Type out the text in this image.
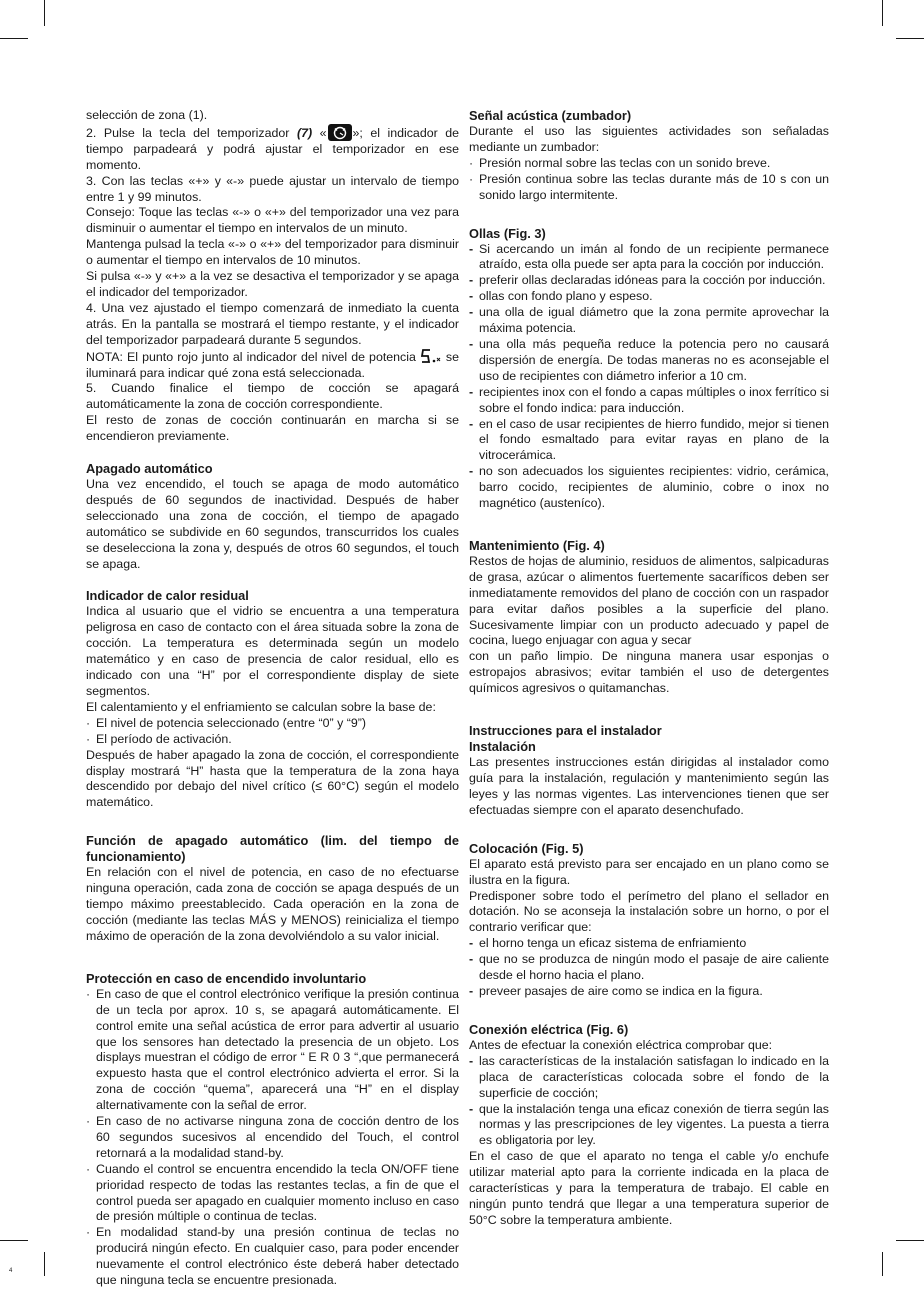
selección de zona (1).

2. Pulse la tecla del temporizador (7) « »; el indicador de tiempo parpadeará y podrá ajustar el temporizador en ese momento.

3. Con las teclas «+» y «-» puede ajustar un intervalo de tiempo entre 1 y 99 minutos.

Consejo: Toque las teclas «-» o «+» del temporizador una vez para disminuir o aumentar el tiempo en intervalos de un minuto.

Mantenga pulsad la tecla «-» o «+» del temporizador para disminuir o aumentar el tiempo en intervalos de 10 minutos.

Si pulsa «-» y «+» a la vez se desactiva el temporizador y se apaga el indicador del temporizador.

4. Una vez ajustado el tiempo comenzará de inmediato la cuenta atrás. En la pantalla se mostrará el tiempo restante, y el indicador del temporizador parpadeará durante 5 segundos.

NOTA: El punto rojo junto al indicador del nivel de potencia se iluminará para indicar qué zona está seleccionada.

5. Cuando finalice el tiempo de cocción se apagará automáticamente la zona de cocción correspondiente.

El resto de zonas de cocción continuarán en marcha si se encendieron previamente.

Apagado automático

Una vez encendido, el touch se apaga de modo automático después de 60 segundos de inactividad. Después de haber seleccionado una zona de cocción, el tiempo de apagado automático se subdivide en 60 segundos, transcurridos los cuales se deselecciona la zona y, después de otros 60 segundos, el touch se apaga.

Indicador de calor residual

Indica al usuario que el vidrio se encuentra a una temperatura peligrosa en caso de contacto con el área situada sobre la zona de cocción. La temperatura es determinada según un modelo matemático y en caso de presencia de calor residual, ello es indicado con una “H” por el correspondiente display de siete segmentos.

El calentamiento y el enfriamiento se calculan sobre la base de:

· El nivel de potencia seleccionado (entre “0” y “9”)
· El período de activación.

Después de haber apagado la zona de cocción, el correspondiente display mostrará “H” hasta que la temperatura de la zona haya descendido por debajo del nivel crítico (≤ 60°C) según el modelo matemático.

Función de apagado automático (lim. del tiempo de funcionamiento)

En relación con el nivel de potencia, en caso de no efectuarse ninguna operación, cada zona de cocción se apaga después de un tiempo máximo preestablecido. Cada operación en la zona de cocción (mediante las teclas MÁS y MENOS) reinicializa el tiempo máximo de operación de la zona devolviéndolo a su valor inicial.

Protección en caso de encendido involuntario
· En caso de que el control electrónico verifique la presión continua de un tecla por aprox. 10 s, se apagará automáticamente. El control emite una señal acústica de error para advertir al usuario que los sensores han detectado la presencia de un objeto. Los displays muestran el código de error “ E R 0 3 “,que permanecerá expuesto hasta que el control electrónico advierta el error. Si la zona de cocción “quema”, aparecerá una “H” en el display alternativamente con la señal de error.
· En caso de no activarse ninguna zona de cocción dentro de los 60 segundos sucesivos al encendido del Touch, el control retornará a la modalidad stand-by.
· Cuando el control se encuentra encendido la tecla ON/OFF tiene prioridad respecto de todas las restantes teclas, a fin de que el control pueda ser apagado en cualquier momento incluso en caso de presión múltiple o continua de teclas.
· En modalidad stand-by una presión continua de teclas no producirá ningún efecto. En cualquier caso, para poder encender nuevamente el control electrónico éste deberá haber detectado que ninguna tecla se encuentre presionada.
Señal acústica (zumbador)

Durante el uso las siguientes actividades son señaladas mediante un zumbador:

· Presión normal sobre las teclas con un sonido breve.
· Presión continua sobre las teclas durante más de 10 s con un sonido largo intermitente.
Ollas (Fig. 3)
- Si acercando un imán al fondo de un recipiente permanece atraído, esta olla puede ser apta para la cocción por inducción.
- preferir ollas declaradas idóneas para la cocción por inducción.
- ollas con fondo plano y espeso.
- una olla de igual diámetro que la zona permite aprovechar la máxima potencia.
- una olla más pequeña reduce la potencia pero no causará dispersión de energía. De todas maneras no es aconsejable el uso de recipientes con diámetro inferior a 10 cm.
- recipientes inox con el fondo a capas múltiples o inox ferrítico si sobre el fondo indica: para inducción.
- en el caso de usar recipientes de hierro fundido, mejor si tienen el fondo esmaltado para evitar rayas en plano de la vitrocerámica.
- no son adecuados los siguientes recipientes: vidrio, cerámica, barro cocido, recipientes de aluminio, cobre o inox no magnético (austeníco).
Mantenimiento (Fig. 4)

Restos de hojas de aluminio, residuos de alimentos, salpicaduras de grasa, azúcar o alimentos fuertemente sacaríficos deben ser inmediatamente removidos del plano de cocción con un raspador para evitar daños posibles a la superficie del plano. Sucesivamente limpiar con un producto adecuado y papel de cocina, luego enjuagar con agua y secar

con un paño limpio. De ninguna manera usar esponjas o estropajos abrasivos; evitar también el uso de detergentes químicos agresivos o quitamanchas.

Instrucciones para el instalador
Instalación

Las presentes instrucciones están dirigidas al instalador como guía para la instalación, regulación y mantenimiento según las leyes y las normas vigentes. Las intervenciones tienen que ser efectuadas siempre con el aparato desenchufado.

Colocación (Fig. 5)

El aparato está previsto para ser encajado en un plano como se ilustra en la figura.

Predisponer sobre todo el perímetro del plano el sellador en dotación. No se aconseja la instalación sobre un horno, o por el contrario verificar que:

- el horno tenga un eficaz sistema de enfriamiento
- que no se produzca de ningún modo el pasaje de aire caliente desde el horno hacia el plano.
- preveer pasajes de aire como se indica en la figura.
Conexión eléctrica (Fig. 6)

Antes de efectuar la conexión eléctrica comprobar que:

- las características de la instalación satisfagan lo indicado en la placa de características colocada sobre el fondo de la superficie de cocción;
- que la instalación tenga una eficaz conexión de tierra según las normas y las prescripciones de ley vigentes. La puesta a tierra es obligatoria por ley.

En el caso de que el aparato no tenga el cable y/o enchufe utilizar material apto para la corriente indicada en la placa de características y para la temperatura de trabajo. El cable en ningún punto tendrá que llegar a una temperatura superior de 50°C sobre la temperatura ambiente.

4
